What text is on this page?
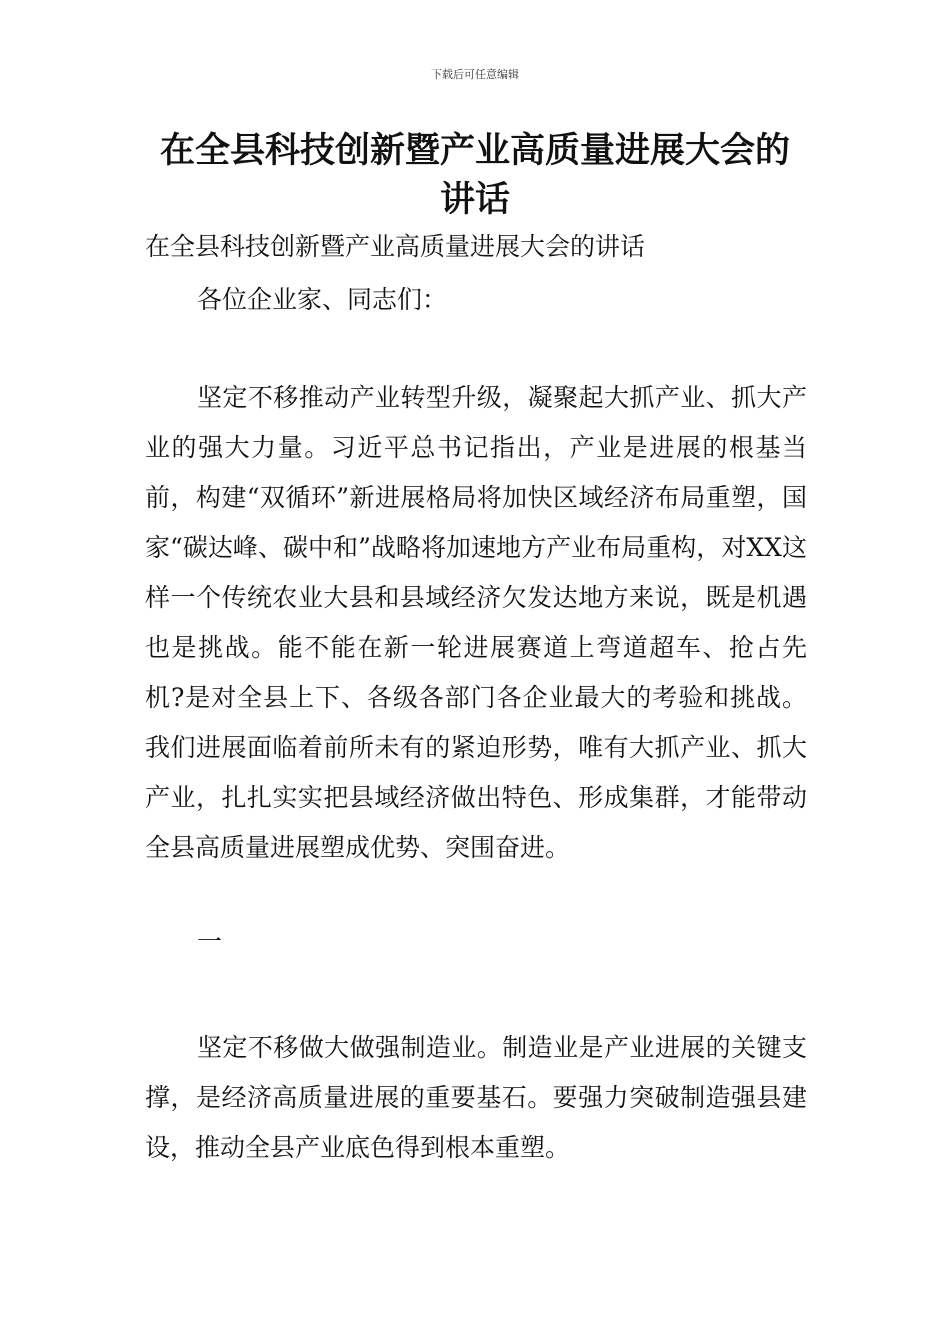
下载后可任意编辑
在全县科技创新暨产业高质量进展大会的
讲话

在全县科技创新暨产业高质量进展大会的讲话

各位企业家、同志们：

坚定不移推动产业转型升级，凝聚起大抓产业、抓大产业的强大力量。习近平总书记指出，产业是进展的根基当前，构建“双循环”新进展格局将加快区域经济布局重塑，国家“碳达峰、碳中和”战略将加速地方产业布局重构，对XX这样一个传统农业大县和县域经济欠发达地方来说，既是机遇也是挑战。能不能在新一轮进展赛道上弯道超车、抢占先机?是对全县上下、各级各部门各企业最大的考验和挑战。我们进展面临着前所未有的紧迫形势，唯有大抓产业、抓大产业，扎扎实实把县域经济做出特色、形成集群，才能带动全县高质量进展塑成优势、突围奋进。

一

坚定不移做大做强制造业。制造业是产业进展的关键支撑，是经济高质量进展的重要基石。要强力突破制造强县建设，推动全县产业底色得到根本重塑。
